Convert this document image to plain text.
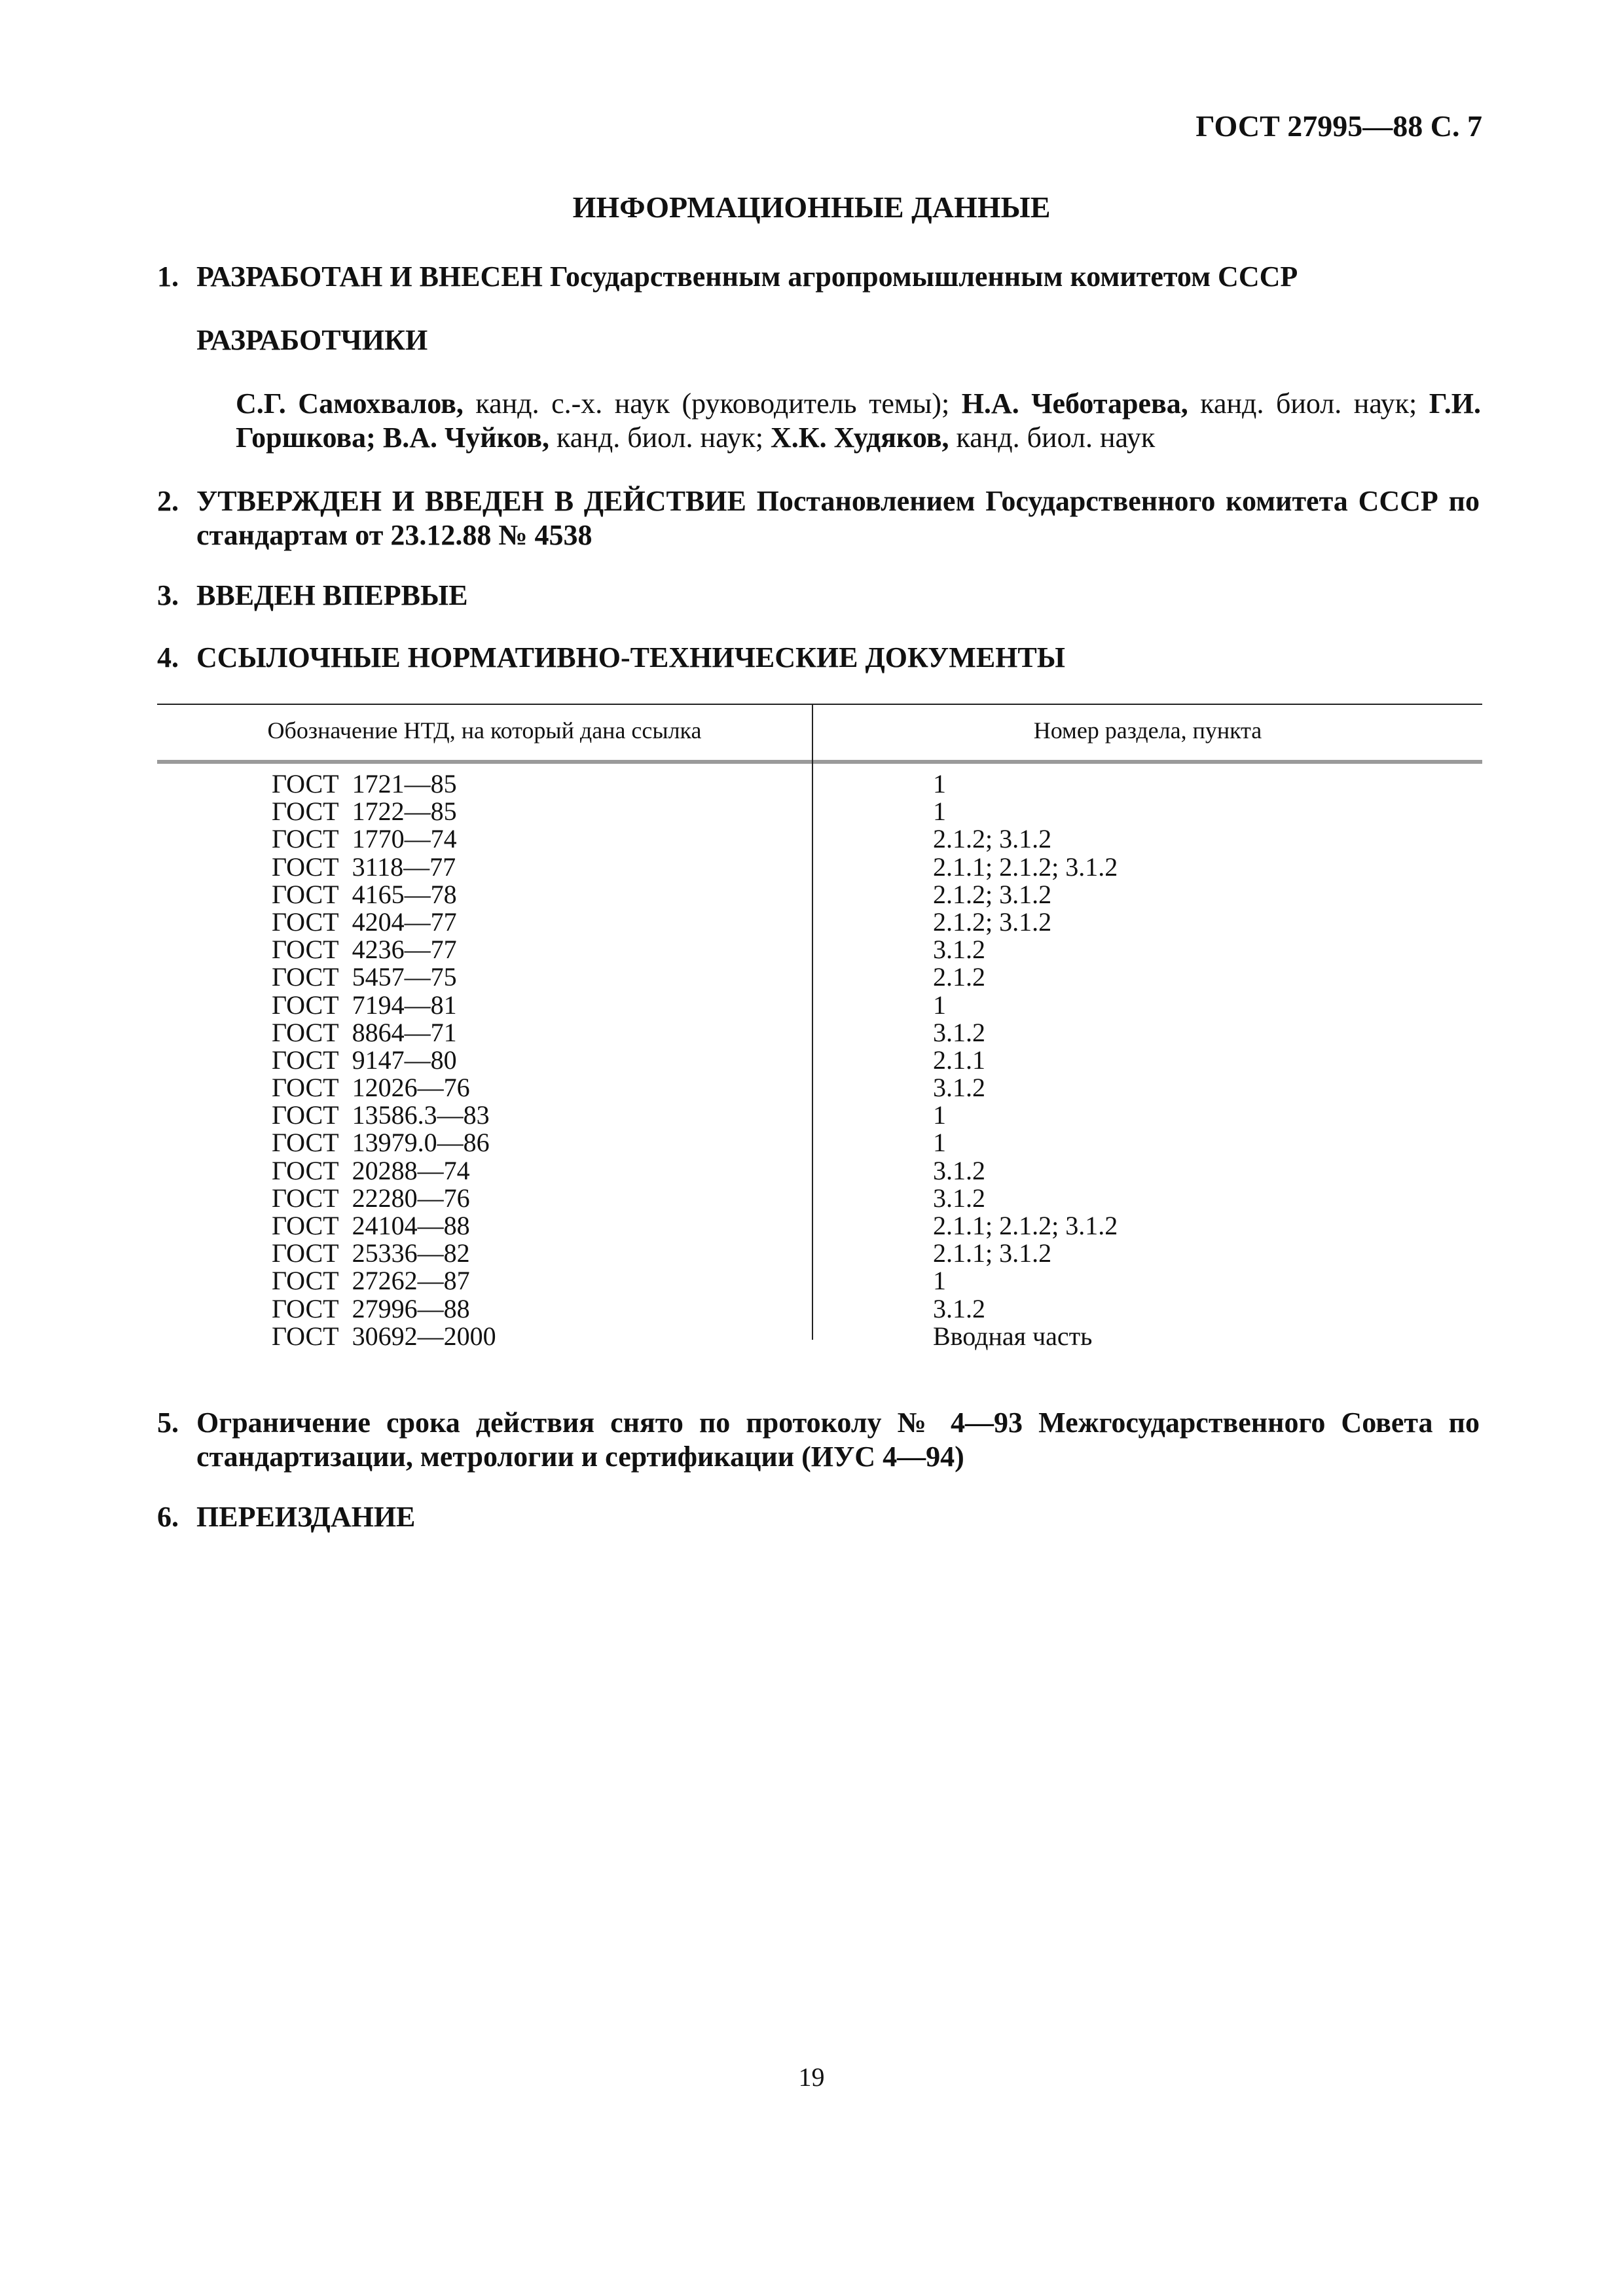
ГОСТ 27995—88 С. 7
ИНФОРМАЦИОННЫЕ ДАННЫЕ
1. РАЗРАБОТАН И ВНЕСЕН Государственным агропромышленным комитетом СССР
РАЗРАБОТЧИКИ
С.Г. Самохвалов, канд. с.-х. наук (руководитель темы); Н.А. Чеботарева, канд. биол. наук; Г.И. Горшкова; В.А. Чуйков, канд. биол. наук; Х.К. Худяков, канд. биол. наук
2. УТВЕРЖДЕН И ВВЕДЕН В ДЕЙСТВИЕ Постановлением Государственного комитета СССР по стандартам от 23.12.88 № 4538
3. ВВЕДЕН ВПЕРВЫЕ
4. ССЫЛОЧНЫЕ НОРМАТИВНО-ТЕХНИЧЕСКИЕ ДОКУМЕНТЫ
Обозначение НТД, на который дана ссылка	Номер раздела, пункта
ГОСТ  1721—85	1
ГОСТ  1722—85	1
ГОСТ  1770—74	2.1.2; 3.1.2
ГОСТ  3118—77	2.1.1; 2.1.2; 3.1.2
ГОСТ  4165—78	2.1.2; 3.1.2
ГОСТ  4204—77	2.1.2; 3.1.2
ГОСТ  4236—77	3.1.2
ГОСТ  5457—75	2.1.2
ГОСТ  7194—81	1
ГОСТ  8864—71	3.1.2
ГОСТ  9147—80	2.1.1
ГОСТ  12026—76	3.1.2
ГОСТ  13586.3—83	1
ГОСТ  13979.0—86	1
ГОСТ  20288—74	3.1.2
ГОСТ  22280—76	3.1.2
ГОСТ  24104—88	2.1.1; 2.1.2; 3.1.2
ГОСТ  25336—82	2.1.1; 3.1.2
ГОСТ  27262—87	1
ГОСТ  27996—88	3.1.2
ГОСТ  30692—2000	Вводная часть
5. Ограничение срока действия снято по протоколу № 4—93 Межгосударственного Совета по стандартизации, метрологии и сертификации (ИУС 4—94)
6. ПЕРЕИЗДАНИЕ
19
